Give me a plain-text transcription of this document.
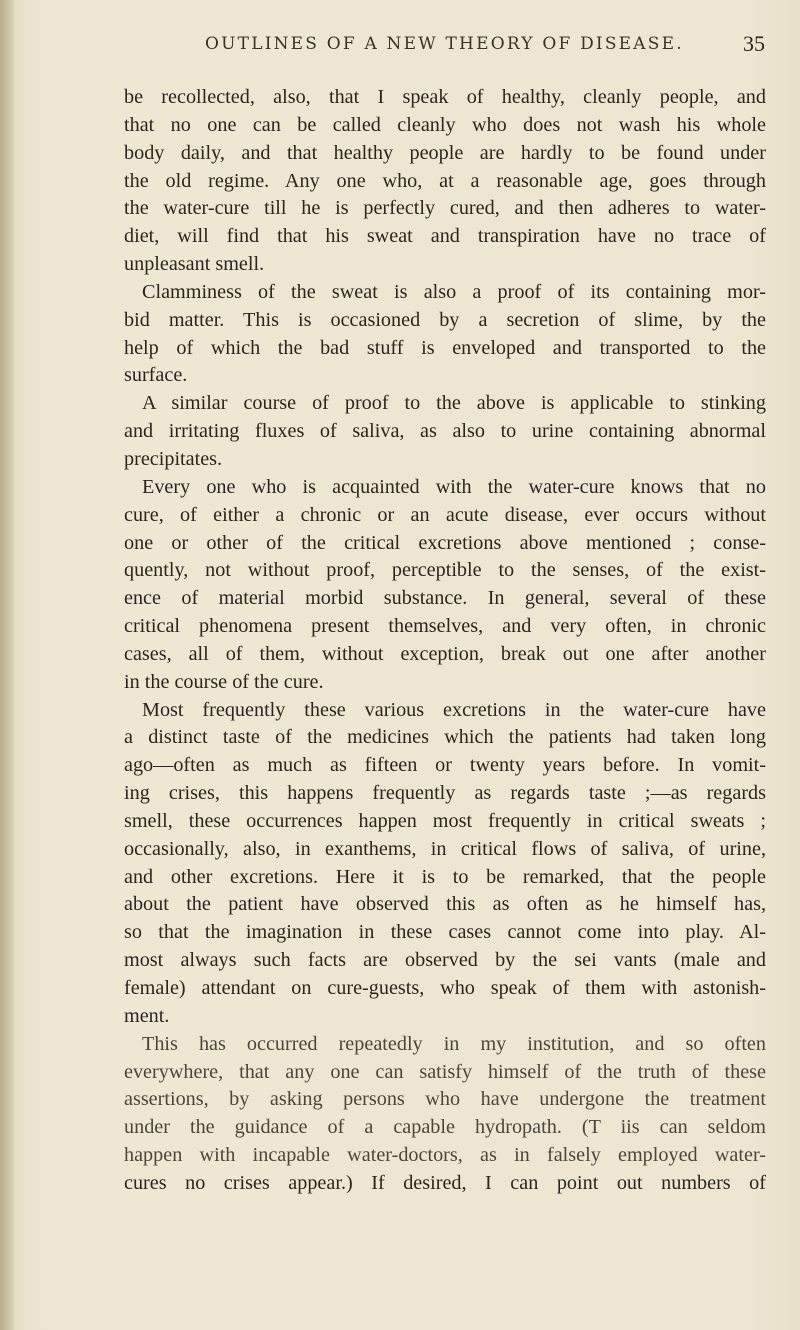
OUTLINES OF A NEW THEORY OF DISEASE.	35
be recollected, also, that I speak of healthy, cleanly people, and
that no one can be called cleanly who does not wash his whole
body daily, and that healthy people are hardly to be found under
the old regime. Any one who, at a reasonable age, goes through
the water-cure till he is perfectly cured, and then adheres to water-
diet, will find that his sweat and transpiration have no trace of
unpleasant smell.
Clamminess of the sweat is also a proof of its containing mor-
bid matter. This is occasioned by a secretion of slime, by the
help of which the bad stuff is enveloped and transported to the
surface.
A similar course of proof to the above is applicable to stinking
and irritating fluxes of saliva, as also to urine containing abnormal
precipitates.
Every one who is acquainted with the water-cure knows that no
cure, of either a chronic or an acute disease, ever occurs without
one or other of the critical excretions above mentioned ; conse-
quently, not without proof, perceptible to the senses, of the exist-
ence of material morbid substance. In general, several of these
critical phenomena present themselves, and very often, in chronic
cases, all of them, without exception, break out one after another
in the course of the cure.
Most frequently these various excretions in the water-cure have
a distinct taste of the medicines which the patients had taken long
ago—often as much as fifteen or twenty years before. In vomit-
ing crises, this happens frequently as regards taste ;—as regards
smell, these occurrences happen most frequently in critical sweats ;
occasionally, also, in exanthems, in critical flows of saliva, of urine,
and other excretions. Here it is to be remarked, that the people
about the patient have observed this as often as he himself has,
so that the imagination in these cases cannot come into play. Al-
most always such facts are observed by the sei vants (male and
female) attendant on cure-guests, who speak of them with astonish-
ment.
This has occurred repeatedly in my institution, and so often
everywhere, that any one can satisfy himself of the truth of these
assertions, by asking persons who have undergone the treatment
under the guidance of a capable hydropath. (T iis can seldom
happen with incapable water-doctors, as in falsely employed water-
cures no crises appear.) If desired, I can point out numbers of
